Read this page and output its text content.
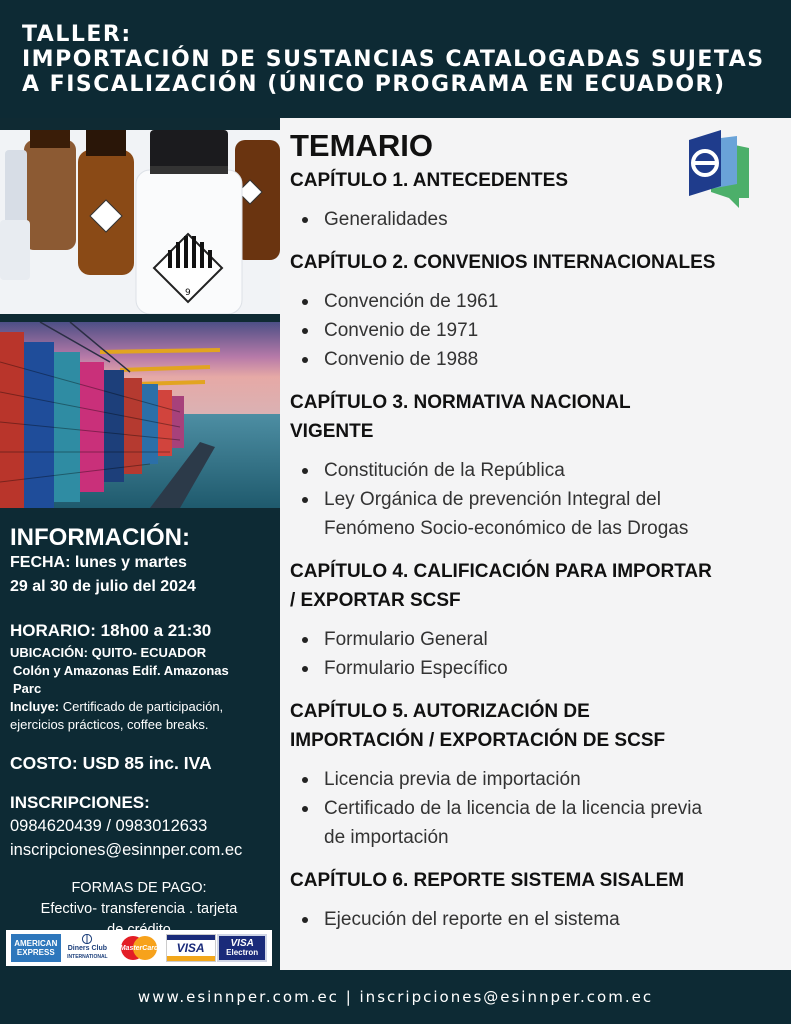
TALLER:
IMPORTACIÓN DE SUSTANCIAS CATALOGADAS SUJETAS
A FISCALIZACIÓN (ÚNICO PROGRAMA EN ECUADOR)
9
TEMARIO
CAPÍTULO 1. ANTECEDENTES
Generalidades
CAPÍTULO 2. CONVENIOS INTERNACIONALES
Convención de 1961
Convenio de 1971
Convenio de 1988
CAPÍTULO 3. NORMATIVA NACIONAL
VIGENTE
Constitución de la República
Ley Orgánica de prevención Integral del
Fenómeno Socio-económico de las Drogas
CAPÍTULO 4. CALIFICACIÓN PARA IMPORTAR
/ EXPORTAR SCSF
Formulario General
Formulario Específico
CAPÍTULO 5. AUTORIZACIÓN DE
IMPORTACIÓN / EXPORTACIÓN DE SCSF
Licencia previa de importación
Certificado de la licencia de la licencia previa
de importación
CAPÍTULO 6. REPORTE SISTEMA SISALEM
Ejecución del reporte en el sistema
INFORMACIÓN:
FECHA: lunes y martes
29 al 30 de julio del 2024
HORARIO: 18h00 a 21:30
UBICACIÓN: QUITO- ECUADOR
Colón y Amazonas Edif. Amazonas
Parc
Incluye: Certificado de participación,
ejercicios prácticos, coffee breaks.
COSTO: USD 85 inc. IVA
INSCRIPCIONES:
0984620439 / 0983012633
inscripciones@esinnper.com.ec
FORMAS DE PAGO:
Efectivo- transferencia . tarjeta
AMERICAN EXPRESS	Diners Club
INTERNATIONAL
MasterCard VISA	VISA
Electron
www.esinnper.com.ec | inscripciones@esinnper.com.ec
